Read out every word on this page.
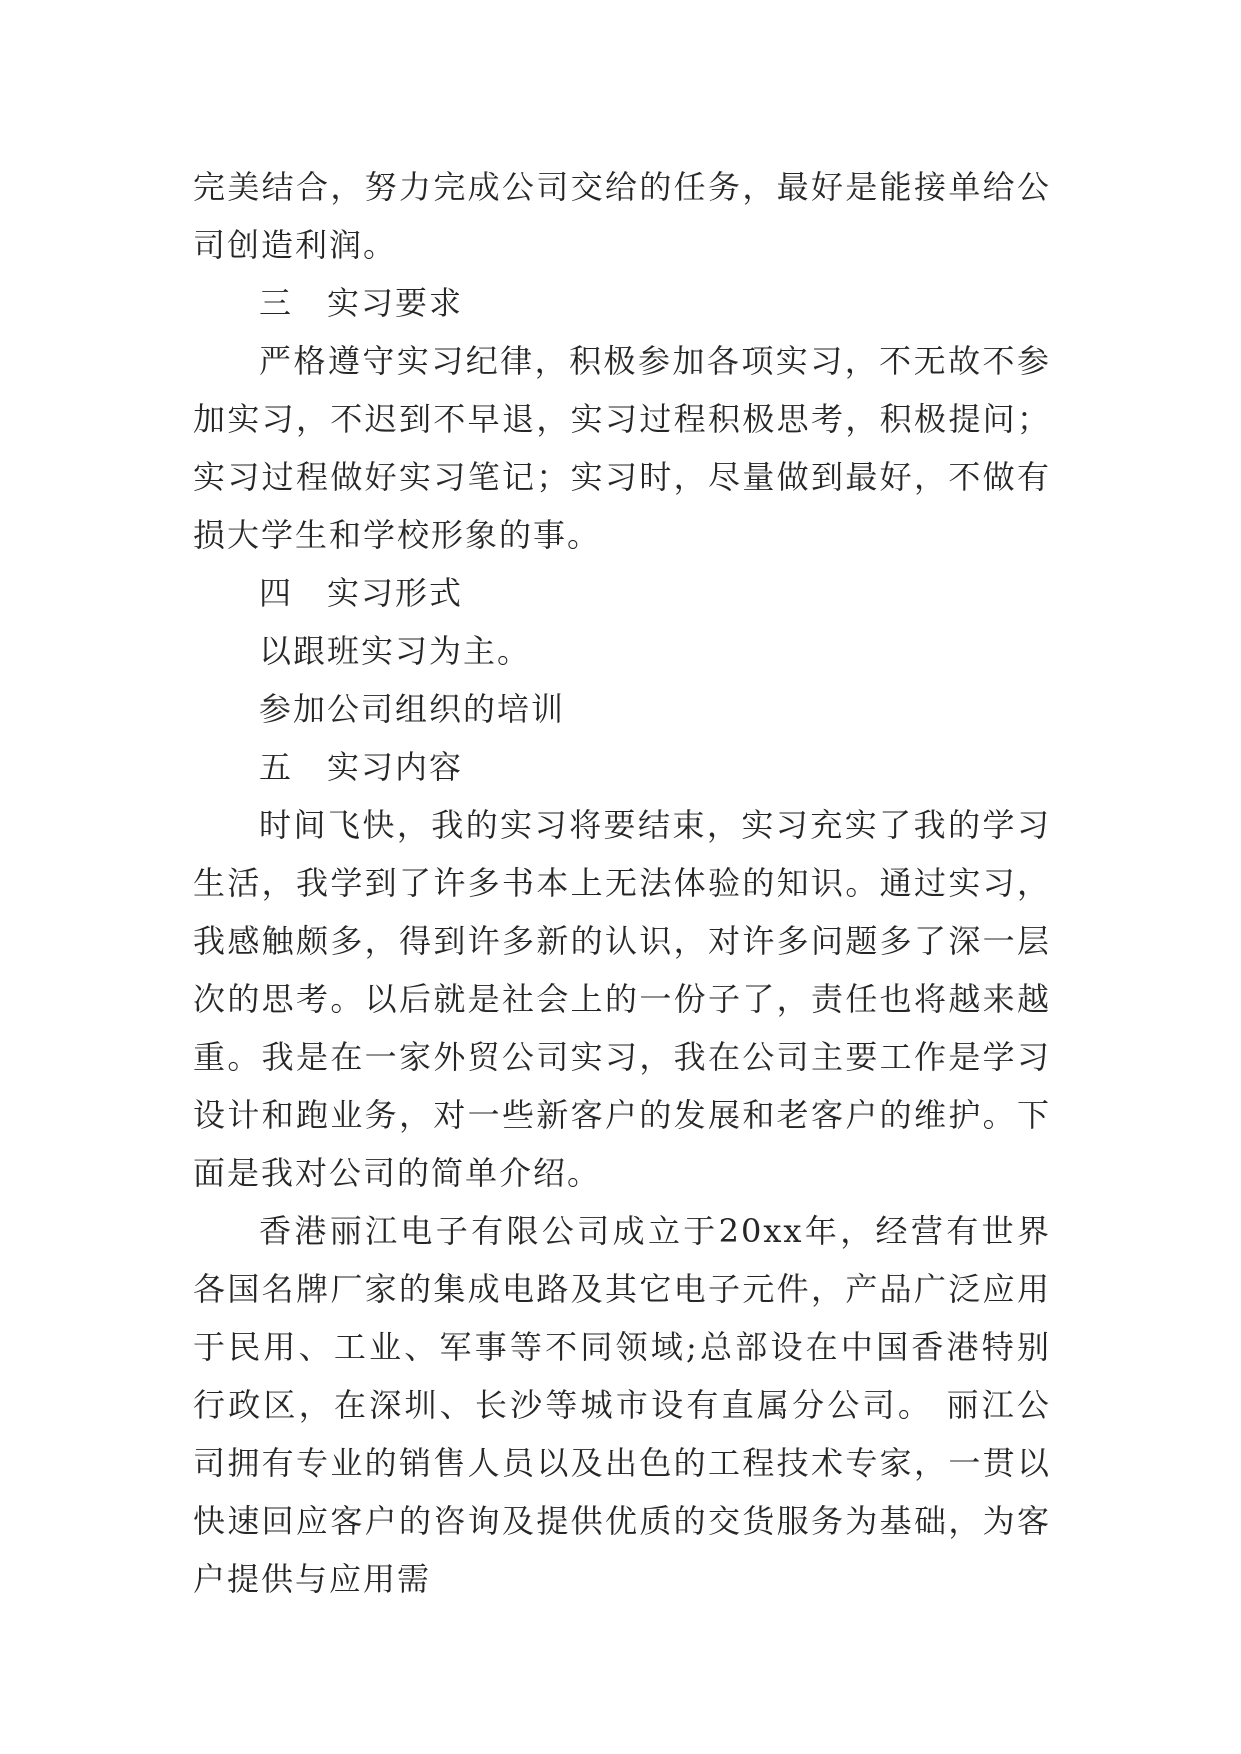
完美结合，努力完成公司交给的任务，最好是能接单给公司创造利润。

三　实习要求

严格遵守实习纪律，积极参加各项实习，不无故不参加实习，不迟到不早退，实习过程积极思考，积极提问；实习过程做好实习笔记；实习时，尽量做到最好，不做有损大学生和学校形象的事。

四　实习形式

以跟班实习为主。

参加公司组织的培训

五　实习内容

时间飞快，我的实习将要结束，实习充实了我的学习生活，我学到了许多书本上无法体验的知识。通过实习，我感触颇多，得到许多新的认识，对许多问题多了深一层次的思考。以后就是社会上的一份子了，责任也将越来越重。我是在一家外贸公司实习，我在公司主要工作是学习设计和跑业务，对一些新客户的发展和老客户的维护。下面是我对公司的简单介绍。

香港丽江电子有限公司成立于20xx年，经营有世界各国名牌厂家的集成电路及其它电子元件，产品广泛应用于民用、工业、军事等不同领域;总部设在中国香港特别行政区，在深圳、长沙等城市设有直属分公司。 丽江公司拥有专业的销售人员以及出色的工程技术专家，一贯以快速回应客户的咨询及提供优质的交货服务为基础，为客户提供与应用需
